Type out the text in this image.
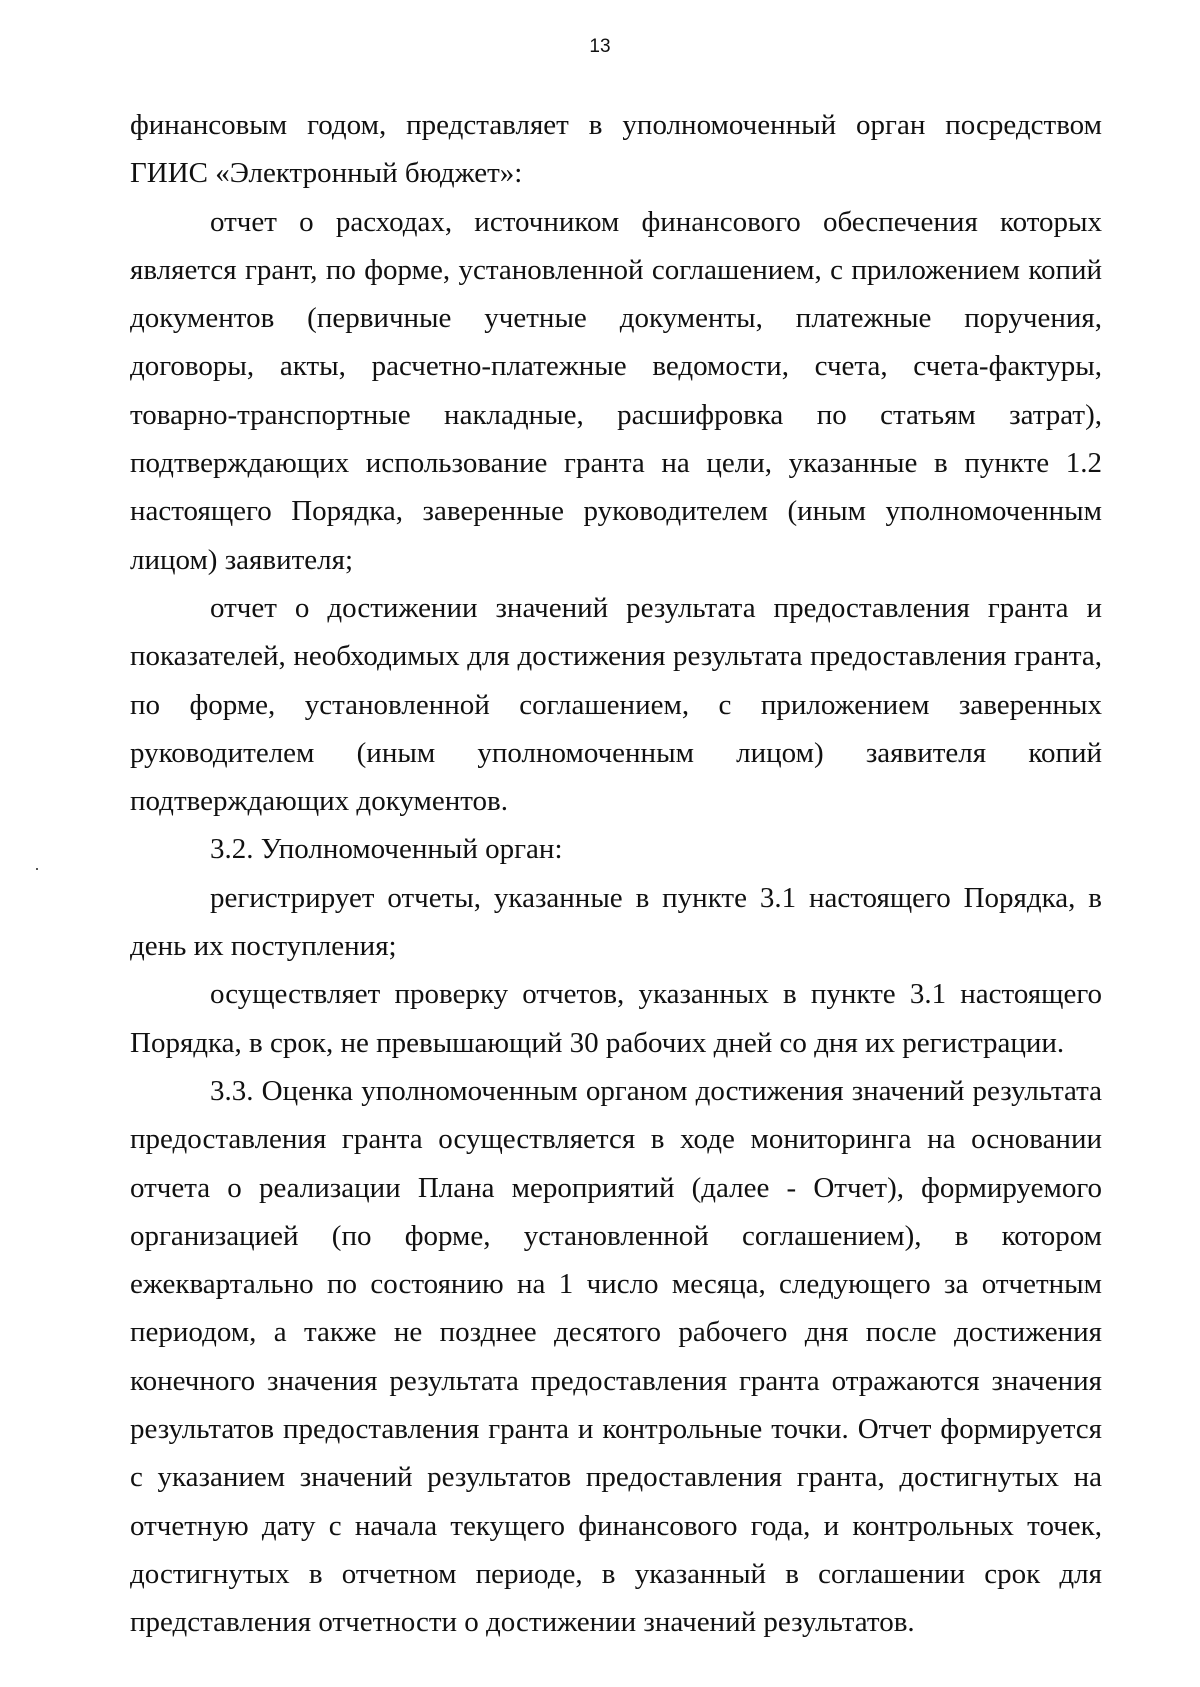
13

финансовым годом, представляет в уполномоченный орган посредством ГИИС «Электронный бюджет»:

отчет о расходах, источником финансового обеспечения которых является грант, по форме, установленной соглашением, с приложением копий документов (первичные учетные документы, платежные поручения, договоры, акты, расчетно-платежные ведомости, счета, счета-фактуры, товарно-транспортные накладные, расшифровка по статьям затрат), подтверждающих использование гранта на цели, указанные в пункте 1.2 настоящего Порядка, заверенные руководителем (иным уполномоченным лицом) заявителя;

отчет о достижении значений результата предоставления гранта и показателей, необходимых для достижения результата предоставления гранта, по форме, установленной соглашением, с приложением заверенных руководителем (иным уполномоченным лицом) заявителя копий подтверждающих документов.

3.2. Уполномоченный орган:

регистрирует отчеты, указанные в пункте 3.1 настоящего Порядка, в день их поступления;

осуществляет проверку отчетов, указанных в пункте 3.1 настоящего Порядка, в срок, не превышающий 30 рабочих дней со дня их регистрации.

3.3. Оценка уполномоченным органом достижения значений результата предоставления гранта осуществляется в ходе мониторинга на основании отчета о реализации Плана мероприятий (далее - Отчет), формируемого организацией (по форме, установленной соглашением), в котором ежеквартально по состоянию на 1 число месяца, следующего за отчетным периодом, а также не позднее десятого рабочего дня после достижения конечного значения результата предоставления гранта отражаются значения результатов предоставления гранта и контрольные точки. Отчет формируется с указанием значений результатов предоставления гранта, достигнутых на отчетную дату с начала текущего финансового года, и контрольных точек, достигнутых в отчетном периоде, в указанный в соглашении срок для представления отчетности о достижении значений результатов.
